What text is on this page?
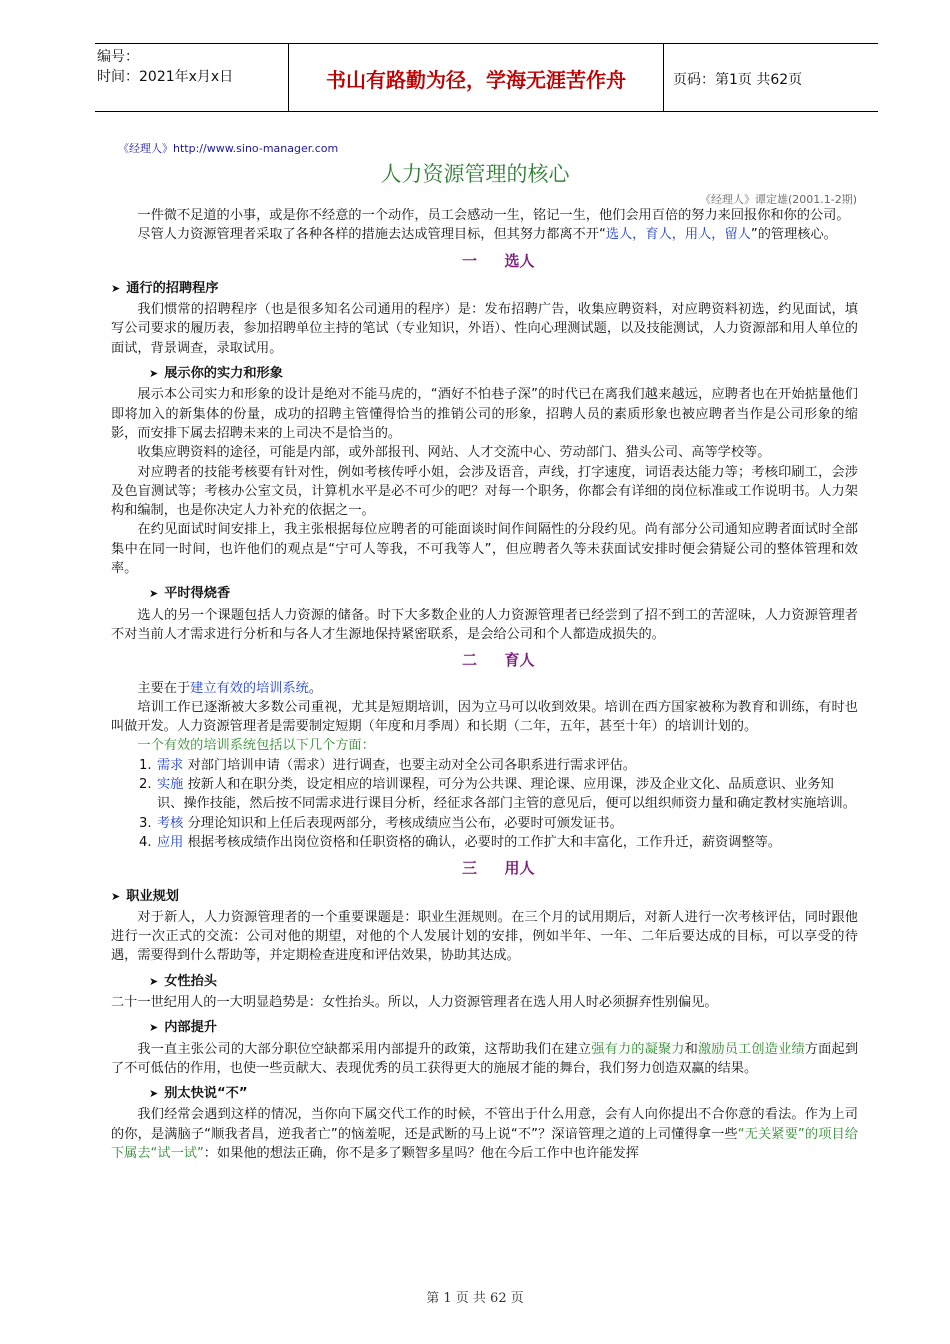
编号：
时间：2021年x月x日	书山有路勤为径，学海无涯苦作舟	页码：第1页 共62页
《经理人》http://www.sino-manager.com
人力资源管理的核心
《经理人》谭定雄(2001.1-2期)

一件微不足道的小事，或是你不经意的一个动作，员工会感动一生，铭记一生，他们会用百倍的努力来回报你和你的公司。

尽管人力资源管理者采取了各种各样的措施去达成管理目标，但其努力都离不开“选人，育人，用人，留人”的管理核心。

一 选人
➤ 通行的招聘程序

我们惯常的招聘程序（也是很多知名公司通用的程序）是：发布招聘广告，收集应聘资料，对应聘资料初选，约见面试，填写公司要求的履历表，参加招聘单位主持的笔试（专业知识，外语）、性向心理测试题，以及技能测试，人力资源部和用人单位的面试，背景调查，录取试用。

➤ 展示你的实力和形象

展示本公司实力和形象的设计是绝对不能马虎的，“酒好不怕巷子深”的时代已在离我们越来越远，应聘者也在开始掂量他们即将加入的新集体的份量，成功的招聘主管懂得恰当的推销公司的形象，招聘人员的素质形象也被应聘者当作是公司形象的缩影，而安排下属去招聘未来的上司决不是恰当的。

收集应聘资料的途径，可能是内部，或外部报刊、网站、人才交流中心、劳动部门、猎头公司、高等学校等。

对应聘者的技能考核要有针对性，例如考核传呼小姐，会涉及语音，声线，打字速度，词语表达能力等；考核印刷工，会涉及色盲测试等；考核办公室文员，计算机水平是必不可少的吧？对每一个职务，你都会有详细的岗位标准或工作说明书。人力架构和编制，也是你决定人力补充的依据之一。

在约见面试时间安排上，我主张根据每位应聘者的可能面谈时间作间隔性的分段约见。尚有部分公司通知应聘者面试时全部集中在同一时间，也许他们的观点是“宁可人等我，不可我等人”，但应聘者久等未获面试安排时便会猜疑公司的整体管理和效率。

➤ 平时得烧香

选人的另一个课题包括人力资源的储备。时下大多数企业的人力资源管理者已经尝到了招不到工的苦涩味，人力资源管理者不对当前人才需求进行分析和与各人才生源地保持紧密联系，是会给公司和个人都造成损失的。

二 育人

主要在于建立有效的培训系统。

培训工作已逐渐被大多数公司重视，尤其是短期培训，因为立马可以收到效果。培训在西方国家被称为教育和训练，有时也叫做开发。人力资源管理者是需要制定短期（年度和月季周）和长期（二年，五年，甚至十年）的培训计划的。

一个有效的培训系统包括以下几个方面：

1. 需求 对部门培训申请（需求）进行调查，也要主动对全公司各职系进行需求评估。
2. 实施 按新人和在职分类，设定相应的培训课程，可分为公共课、理论课、应用课，涉及企业文化、品质意识、业务知识、操作技能，然后按不同需求进行课目分析，经征求各部门主管的意见后，便可以组织师资力量和确定教材实施培训。
3. 考核 分理论知识和上任后表现两部分，考核成绩应当公布，必要时可颁发证书。
4. 应用 根据考核成绩作出岗位资格和任职资格的确认，必要时的工作扩大和丰富化，工作升迁，薪资调整等。
三 用人
➤ 职业规划

对于新人，人力资源管理者的一个重要课题是：职业生涯规则。在三个月的试用期后，对新人进行一次考核评估，同时跟他进行一次正式的交流：公司对他的期望，对他的个人发展计划的安排，例如半年、一年、二年后要达成的目标，可以享受的待遇，需要得到什么帮助等，并定期检查进度和评估效果，协助其达成。

➤ 女性抬头

二十一世纪用人的一大明显趋势是：女性抬头。所以，人力资源管理者在选人用人时必须摒弃性别偏见。

➤ 内部提升

我一直主张公司的大部分职位空缺都采用内部提升的政策，这帮助我们在建立强有力的凝聚力和激励员工创造业绩方面起到了不可低估的作用，也使一些贡献大、表现优秀的员工获得更大的施展才能的舞台，我们努力创造双赢的结果。

➤ 别太快说“不”

我们经常会遇到这样的情况，当你向下属交代工作的时候，不管出于什么用意，会有人向你提出不合你意的看法。作为上司的你，是满脑子“顺我者昌，逆我者亡”的恼羞呢，还是武断的马上说“不”？深谙管理之道的上司懂得拿一些“无关紧要”的项目给下属去“试一试”：如果他的想法正确，你不是多了颗智多星吗？他在今后工作中也许能发挥

第 1 页 共 62 页
